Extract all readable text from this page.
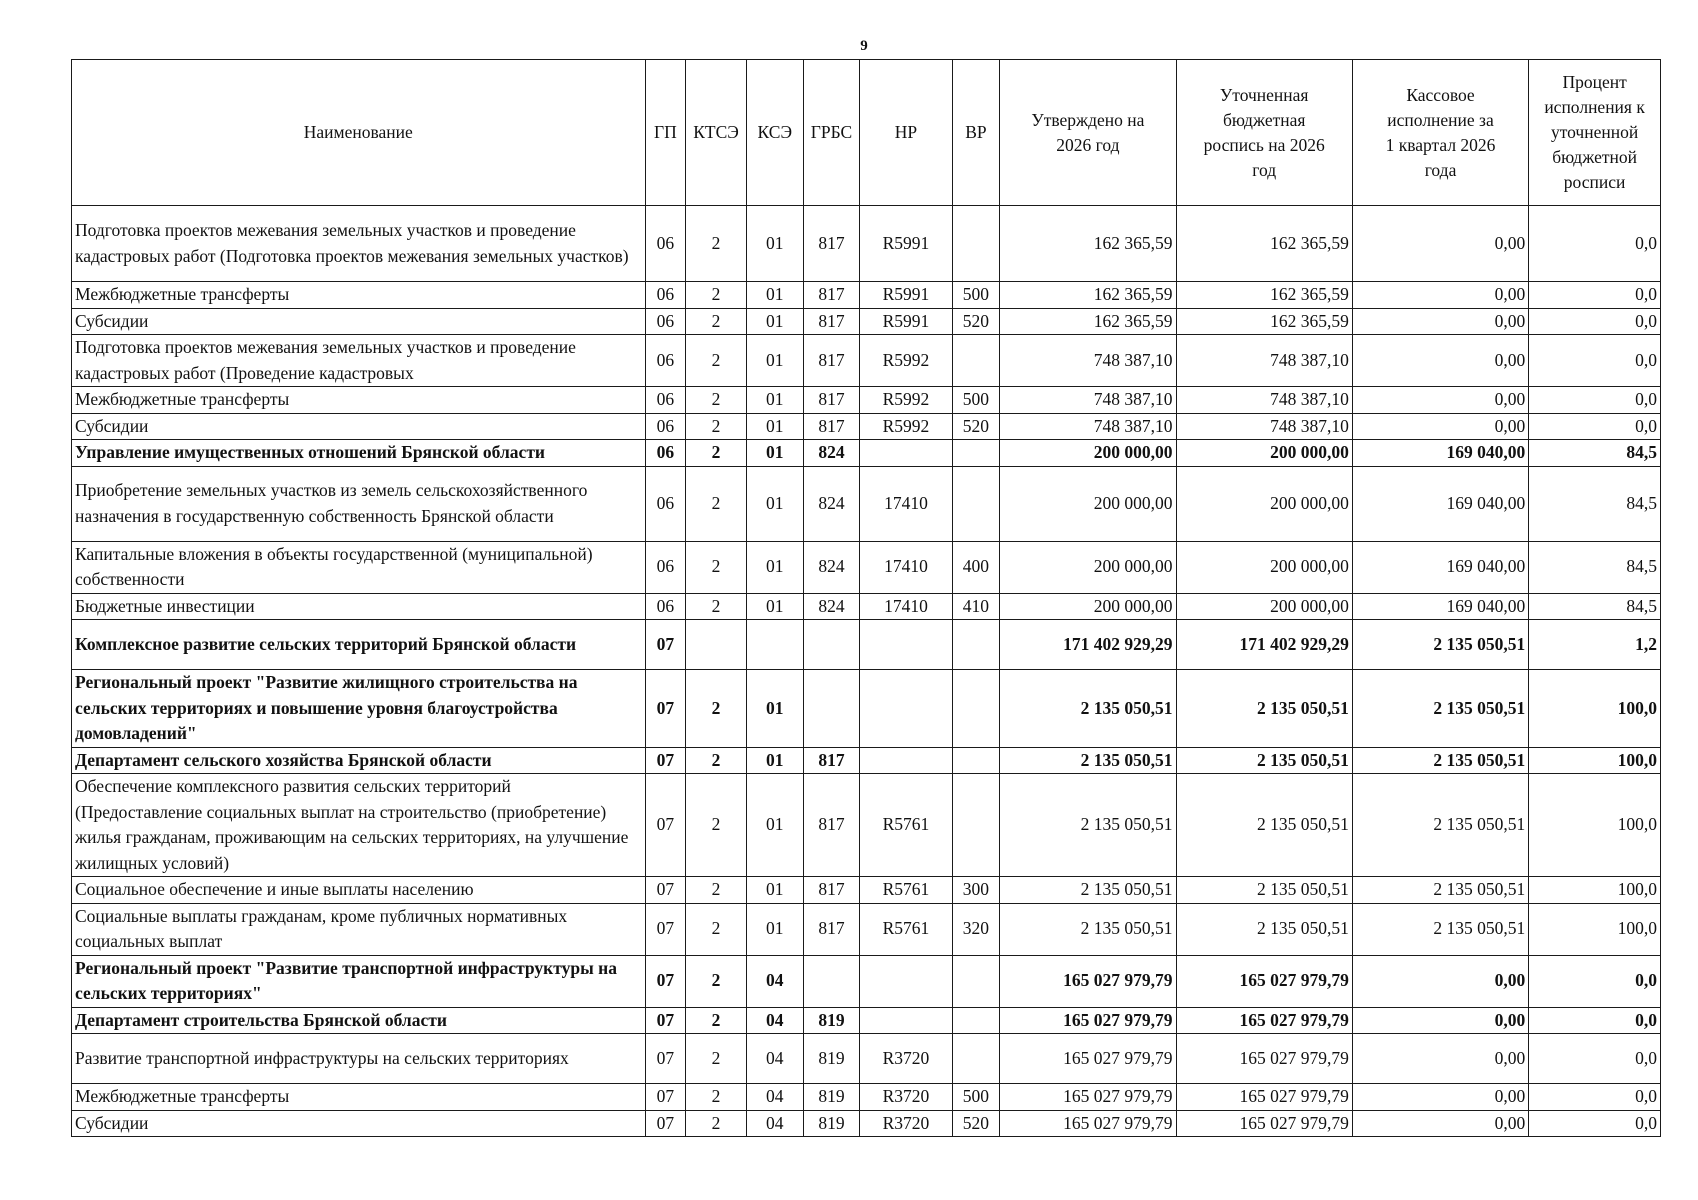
9
Наименование	ГП	КТСЭ	КСЭ	ГРБС	НР	ВР	Утверждено на 2026 год	Уточненная бюджетная роспись на 2026 год	Кассовое исполнение за 1 квартал 2026 года	Процент исполнения к уточненной бюджетной росписи
Подготовка проектов межевания земельных участков и проведение кадастровых работ (Подготовка проектов межевания земельных участков)	06	2	01	817	R5991		162 365,59	162 365,59	0,00	0,0
Межбюджетные трансферты	06	2	01	817	R5991	500	162 365,59	162 365,59	0,00	0,0
Субсидии	06	2	01	817	R5991	520	162 365,59	162 365,59	0,00	0,0
Подготовка проектов межевания земельных участков и проведение кадастровых работ (Проведение кадастровых	06	2	01	817	R5992		748 387,10	748 387,10	0,00	0,0
Межбюджетные трансферты	06	2	01	817	R5992	500	748 387,10	748 387,10	0,00	0,0
Субсидии	06	2	01	817	R5992	520	748 387,10	748 387,10	0,00	0,0
Управление имущественных отношений Брянской области	06	2	01	824			200 000,00	200 000,00	169 040,00	84,5
Приобретение земельных участков из земель сельскохозяйственного назначения в государственную собственность Брянской области	06	2	01	824	17410		200 000,00	200 000,00	169 040,00	84,5
Капитальные вложения в объекты государственной (муниципальной) собственности	06	2	01	824	17410	400	200 000,00	200 000,00	169 040,00	84,5
Бюджетные инвестиции	06	2	01	824	17410	410	200 000,00	200 000,00	169 040,00	84,5
Комплексное развитие сельских территорий Брянской области	07						171 402 929,29	171 402 929,29	2 135 050,51	1,2
Региональный проект "Развитие жилищного строительства на сельских территориях и повышение уровня благоустройства домовладений"	07	2	01				2 135 050,51	2 135 050,51	2 135 050,51	100,0
Департамент сельского хозяйства Брянской области	07	2	01	817			2 135 050,51	2 135 050,51	2 135 050,51	100,0
Обеспечение комплексного развития сельских территорий (Предоставление социальных выплат на строительство (приобретение) жилья гражданам, проживающим на сельских территориях, на улучшение жилищных условий)	07	2	01	817	R5761		2 135 050,51	2 135 050,51	2 135 050,51	100,0
Социальное обеспечение и иные выплаты населению	07	2	01	817	R5761	300	2 135 050,51	2 135 050,51	2 135 050,51	100,0
Социальные выплаты гражданам, кроме публичных нормативных социальных выплат	07	2	01	817	R5761	320	2 135 050,51	2 135 050,51	2 135 050,51	100,0
Региональный проект "Развитие транспортной инфраструктуры на сельских территориях"	07	2	04				165 027 979,79	165 027 979,79	0,00	0,0
Департамент строительства Брянской области	07	2	04	819			165 027 979,79	165 027 979,79	0,00	0,0
Развитие транспортной инфраструктуры на сельских территориях	07	2	04	819	R3720		165 027 979,79	165 027 979,79	0,00	0,0
Межбюджетные трансферты	07	2	04	819	R3720	500	165 027 979,79	165 027 979,79	0,00	0,0
Субсидии	07	2	04	819	R3720	520	165 027 979,79	165 027 979,79	0,00	0,0
